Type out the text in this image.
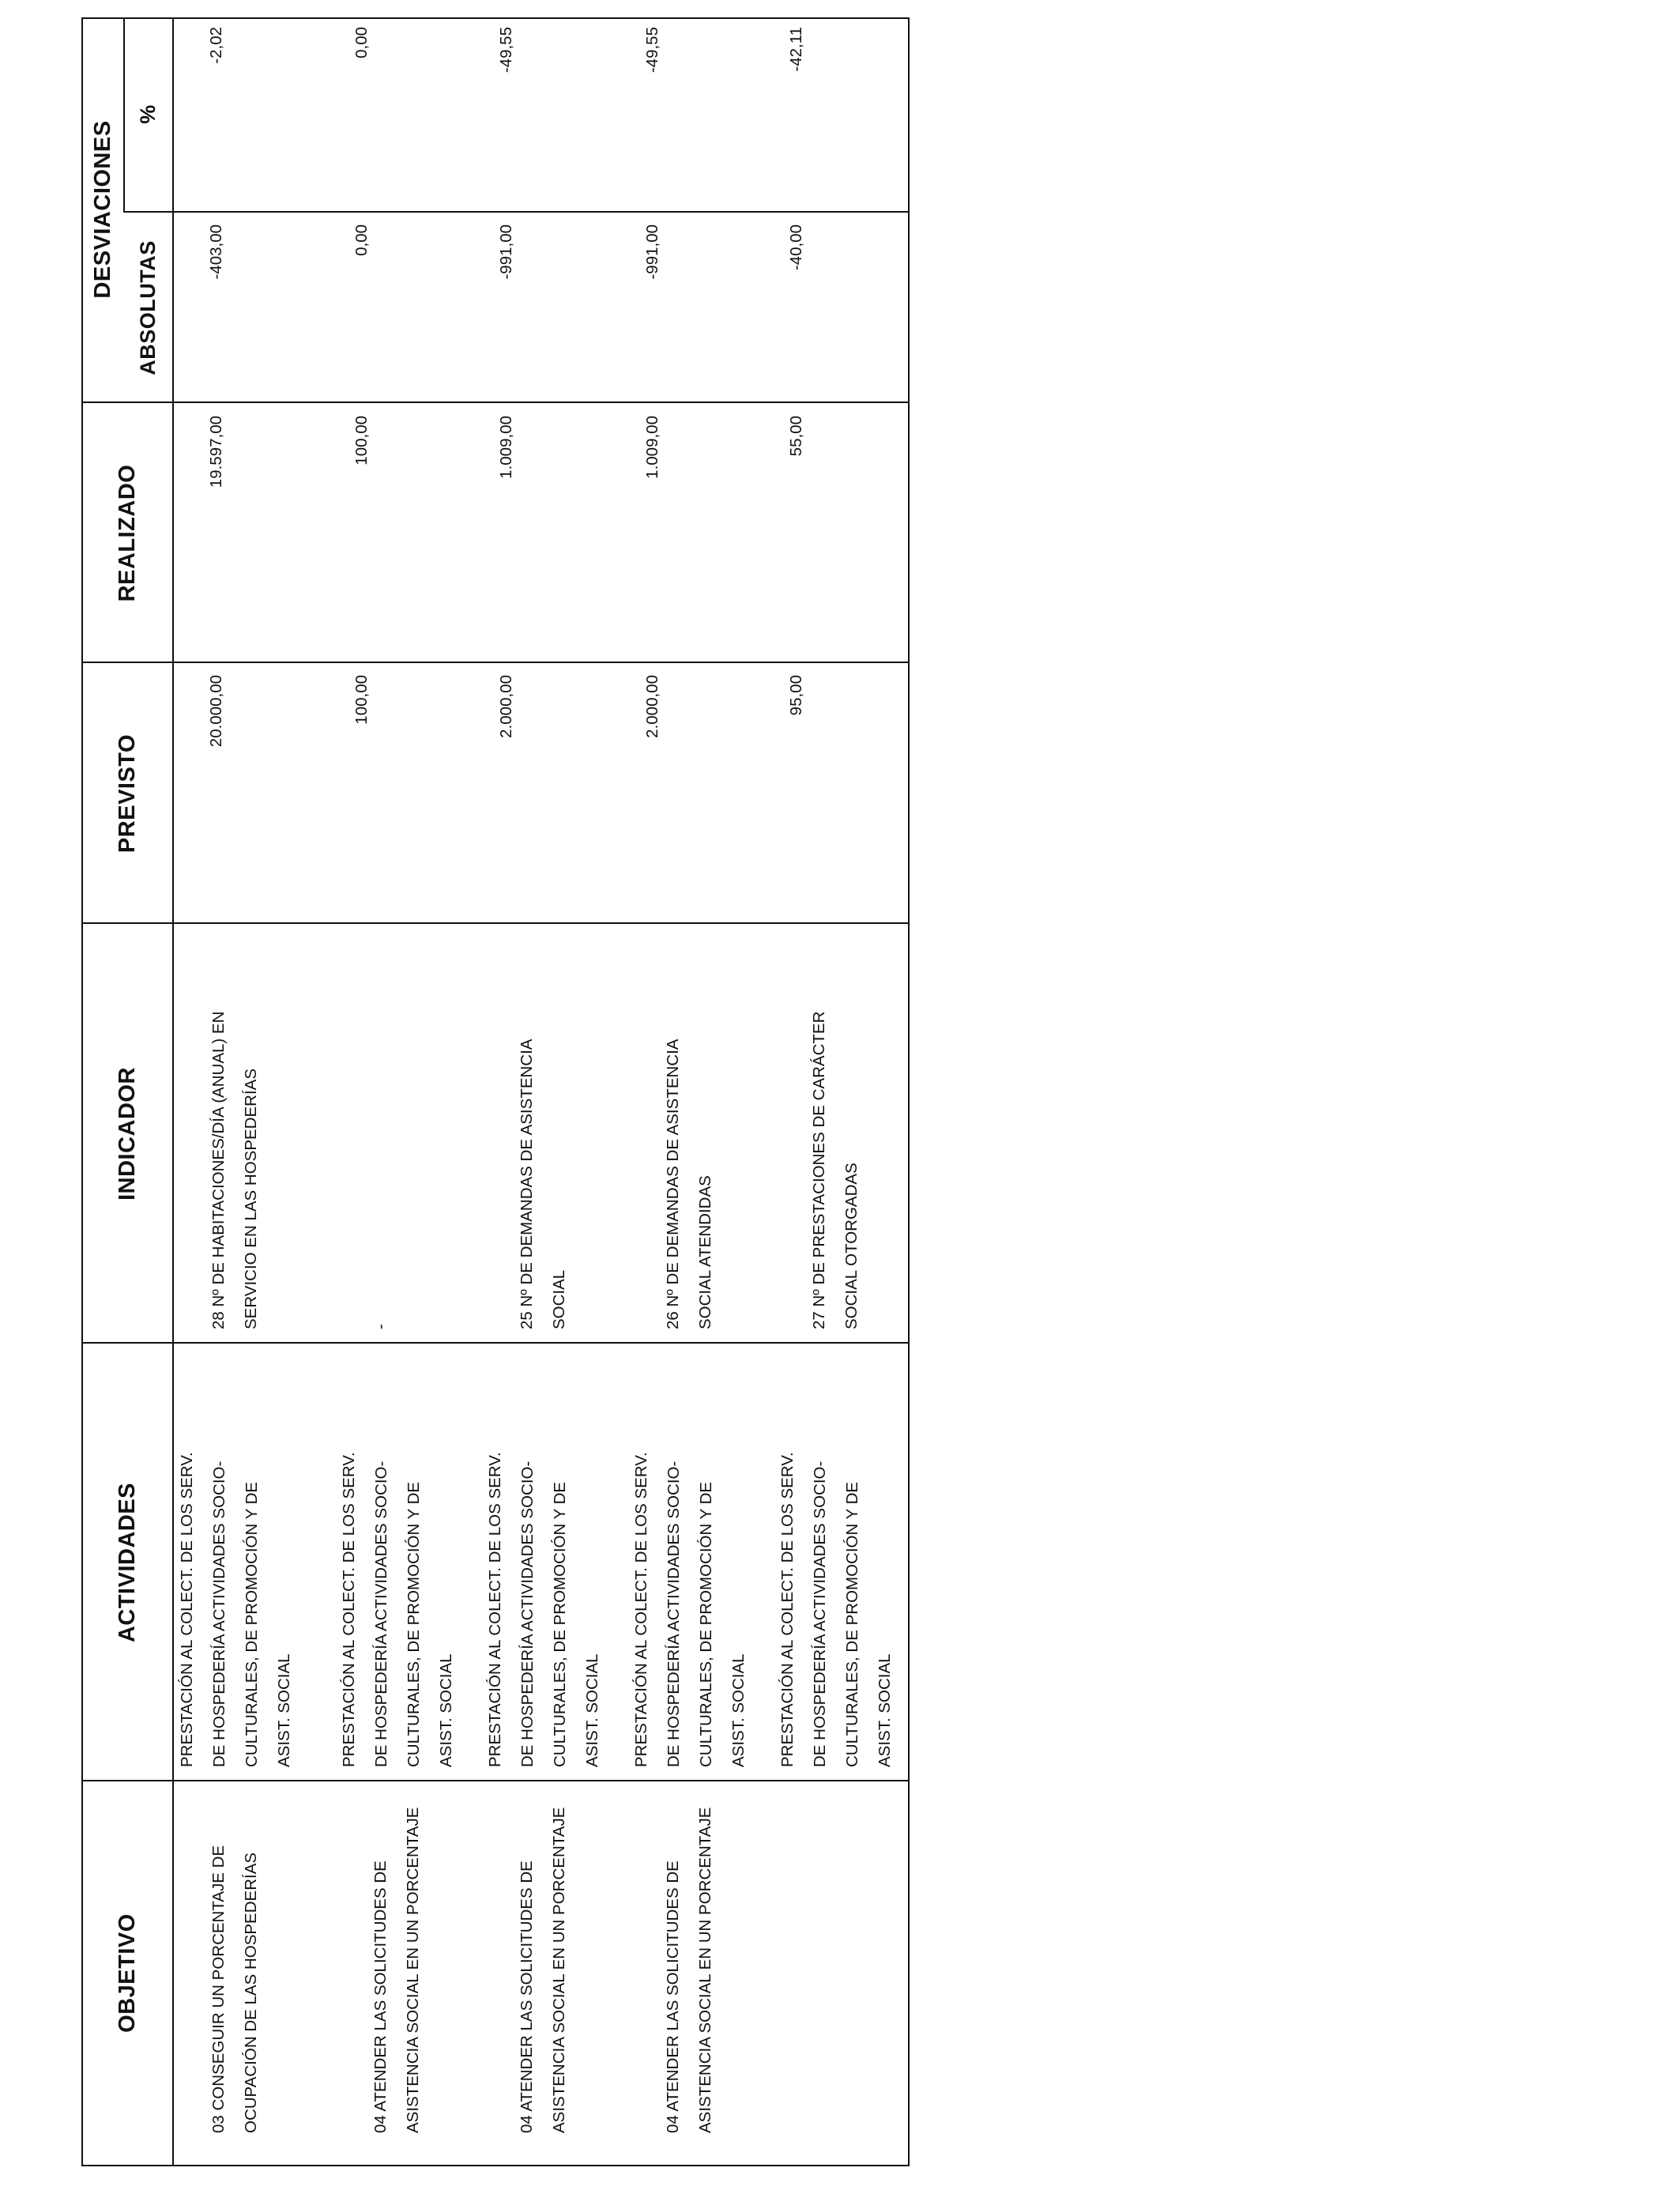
OBJETIVO
ACTIVIDADES
INDICADOR
PREVISTO
REALIZADO
DESVIACIONES
ABSOLUTAS
%
03 CONSEGUIR UN PORCENTAJE DE OCUPACIÓN DE LAS HOSPEDERÍAS
PRESTACIÓN AL COLECT. DE LOS SERV. DE HOSPEDERÍA ACTIVIDADES SOCIO- CULTURALES, DE PROMOCIÓN Y DE ASIST. SOCIAL
28 Nº DE HABITACIONES/DÍA (ANUAL) EN SERVICIO EN LAS HOSPEDERÍAS
20.000,00
19.597,00
-403,00
-2,02
04 ATENDER LAS SOLICITUDES DE ASISTENCIA SOCIAL EN UN PORCENTAJE
PRESTACIÓN AL COLECT. DE LOS SERV. DE HOSPEDERÍA ACTIVIDADES SOCIO- CULTURALES, DE PROMOCIÓN Y DE ASIST. SOCIAL
-
100,00
100,00
0,00
0,00
04 ATENDER LAS SOLICITUDES DE ASISTENCIA SOCIAL EN UN PORCENTAJE
PRESTACIÓN AL COLECT. DE LOS SERV. DE HOSPEDERÍA ACTIVIDADES SOCIO- CULTURALES, DE PROMOCIÓN Y DE ASIST. SOCIAL
25 Nº DE DEMANDAS DE ASISTENCIA SOCIAL
2.000,00
1.009,00
-991,00
-49,55
04 ATENDER LAS SOLICITUDES DE ASISTENCIA SOCIAL EN UN PORCENTAJE
PRESTACIÓN AL COLECT. DE LOS SERV. DE HOSPEDERÍA ACTIVIDADES SOCIO- CULTURALES, DE PROMOCIÓN Y DE ASIST. SOCIAL
26 Nº DE DEMANDAS DE ASISTENCIA SOCIAL ATENDIDAS
2.000,00
1.009,00
-991,00
-49,55
PRESTACIÓN AL COLECT. DE LOS SERV. DE HOSPEDERÍA ACTIVIDADES SOCIO- CULTURALES, DE PROMOCIÓN Y DE ASIST. SOCIAL
27 Nº DE PRESTACIONES DE CARÁCTER SOCIAL OTORGADAS
95,00
55,00
-40,00
-42,11
